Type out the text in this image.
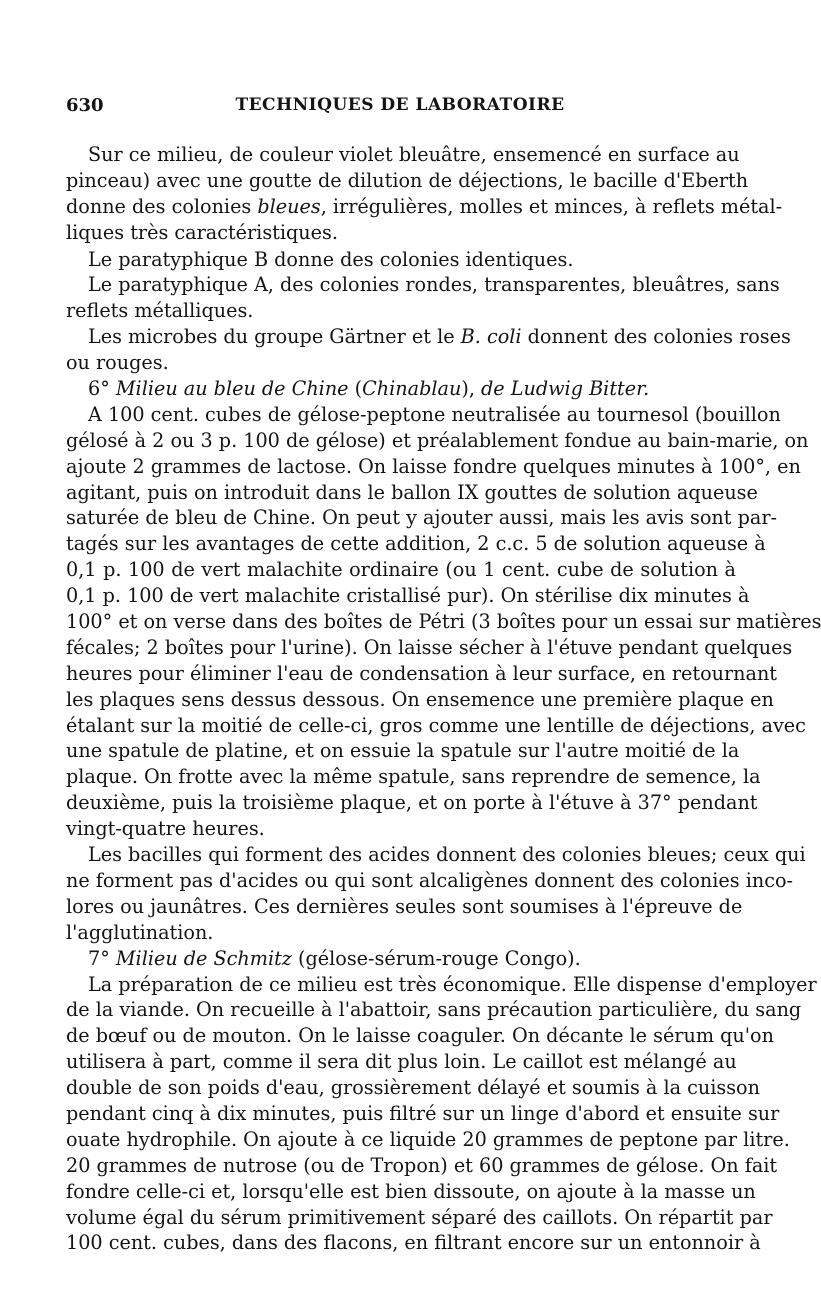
630	TECHNIQUES DE LABORATOIRE
Sur ce milieu, de couleur violet bleuâtre, ensemencé en surface au
pinceau) avec une goutte de dilution de déjections, le bacille d'Eberth
donne des colonies bleues, irrégulières, molles et minces, à reflets métal-
liques très caractéristiques.
Le paratyphique B donne des colonies identiques.
Le paratyphique A, des colonies rondes, transparentes, bleuâtres, sans
reflets métalliques.
Les microbes du groupe Gärtner et le B. coli donnent des colonies roses
ou rouges.
6° Milieu au bleu de Chine (Chinablau), de Ludwig Bitter.
A 100 cent. cubes de gélose-peptone neutralisée au tournesol (bouillon
gélosé à 2 ou 3 p. 100 de gélose) et préalablement fondue au bain-marie, on
ajoute 2 grammes de lactose. On laisse fondre quelques minutes à 100°, en
agitant, puis on introduit dans le ballon IX gouttes de solution aqueuse
saturée de bleu de Chine. On peut y ajouter aussi, mais les avis sont par-
tagés sur les avantages de cette addition, 2 c.c. 5 de solution aqueuse à
0,1 p. 100 de vert malachite ordinaire (ou 1 cent. cube de solution à
0,1 p. 100 de vert malachite cristallisé pur). On stérilise dix minutes à
100° et on verse dans des boîtes de Pétri (3 boîtes pour un essai sur matières
fécales; 2 boîtes pour l'urine). On laisse sécher à l'étuve pendant quelques
heures pour éliminer l'eau de condensation à leur surface, en retournant
les plaques sens dessus dessous. On ensemence une première plaque en
étalant sur la moitié de celle-ci, gros comme une lentille de déjections, avec
une spatule de platine, et on essuie la spatule sur l'autre moitié de la
plaque. On frotte avec la même spatule, sans reprendre de semence, la
deuxième, puis la troisième plaque, et on porte à l'étuve à 37° pendant
vingt-quatre heures.
Les bacilles qui forment des acides donnent des colonies bleues; ceux qui
ne forment pas d'acides ou qui sont alcaligènes donnent des colonies inco-
lores ou jaunâtres. Ces dernières seules sont soumises à l'épreuve de
l'agglutination.
7° Milieu de Schmitz (gélose-sérum-rouge Congo).
La préparation de ce milieu est très économique. Elle dispense d'employer
de la viande. On recueille à l'abattoir, sans précaution particulière, du sang
de bœuf ou de mouton. On le laisse coaguler. On décante le sérum qu'on
utilisera à part, comme il sera dit plus loin. Le caillot est mélangé au
double de son poids d'eau, grossièrement délayé et soumis à la cuisson
pendant cinq à dix minutes, puis filtré sur un linge d'abord et ensuite sur
ouate hydrophile. On ajoute à ce liquide 20 grammes de peptone par litre.
20 grammes de nutrose (ou de Tropon) et 60 grammes de gélose. On fait
fondre celle-ci et, lorsqu'elle est bien dissoute, on ajoute à la masse un
volume égal du sérum primitivement séparé des caillots. On répartit par
100 cent. cubes, dans des flacons, en filtrant encore sur un entonnoir à
